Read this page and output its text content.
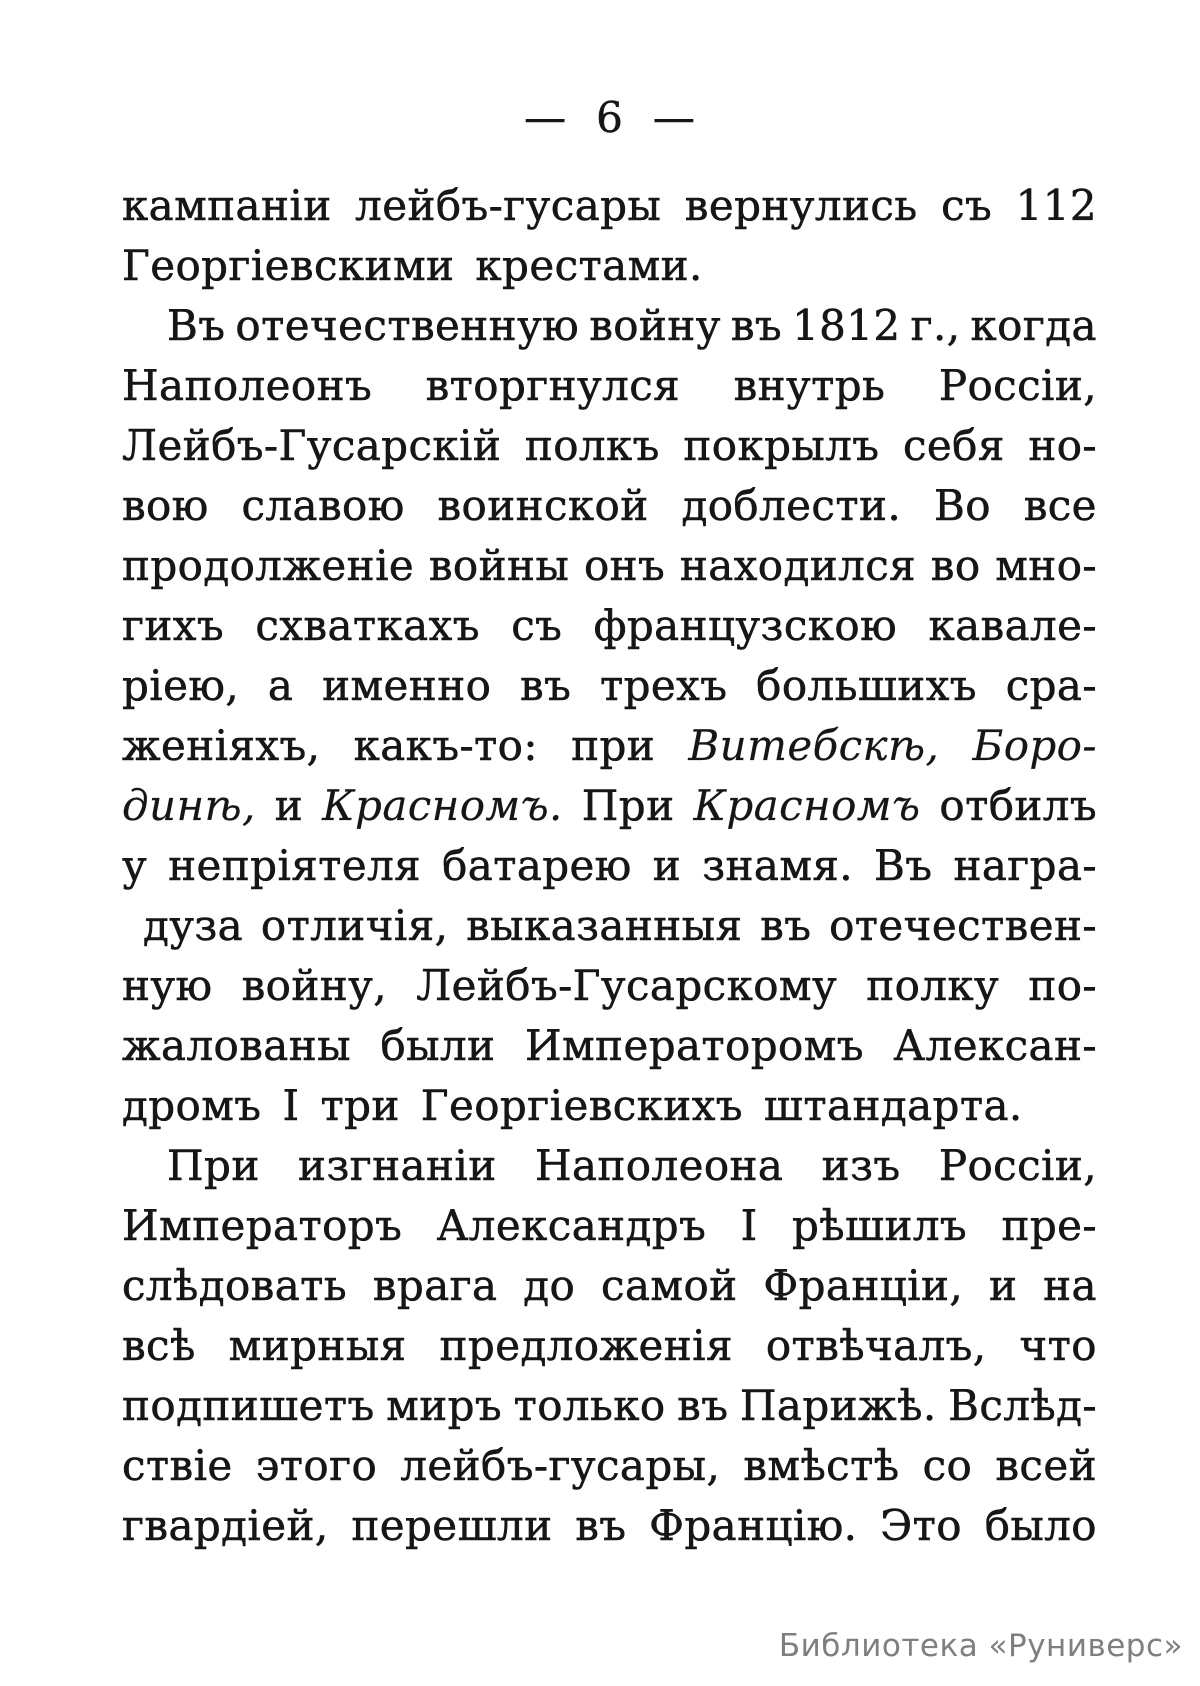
— 6 —
кампаніи лейбъ-гусары вернулись съ 112
Георгіевскими крестами.
Въ отечественную войну въ 1812 г., когда
Наполеонъ вторгнулся внутрь Россіи,
Лейбъ-Гусарскій полкъ покрылъ себя но-
вою славою воинской доблести. Во все
продолженіе войны онъ находился во мно-
гихъ схваткахъ съ французскою кавале-
ріею, а именно въ трехъ большихъ сра-
женіяхъ, какъ-то: при Витебскѣ, Боро-
динѣ, и Красномъ. При Красномъ отбилъ
у непріятеля батарею и знамя. Въ награ-
дуза отличія, выказанныя въ отечествен-
ную войну, Лейбъ-Гусарскому полку по-
жалованы были Императоромъ Алексан-
дромъ I три Георгіевскихъ штандарта.
При изгнаніи Наполеона изъ Россіи,
Императоръ Александръ I рѣшилъ пре-
слѣдовать врага до самой Франціи, и на
всѣ мирныя предложенія отвѣчалъ, что
подпишетъ миръ только въ Парижѣ. Вслѣд-
ствіе этого лейбъ-гусары, вмѣстѣ со всей
гвардіей, перешли въ Францію. Это было
Библиотека «Руниверс»
